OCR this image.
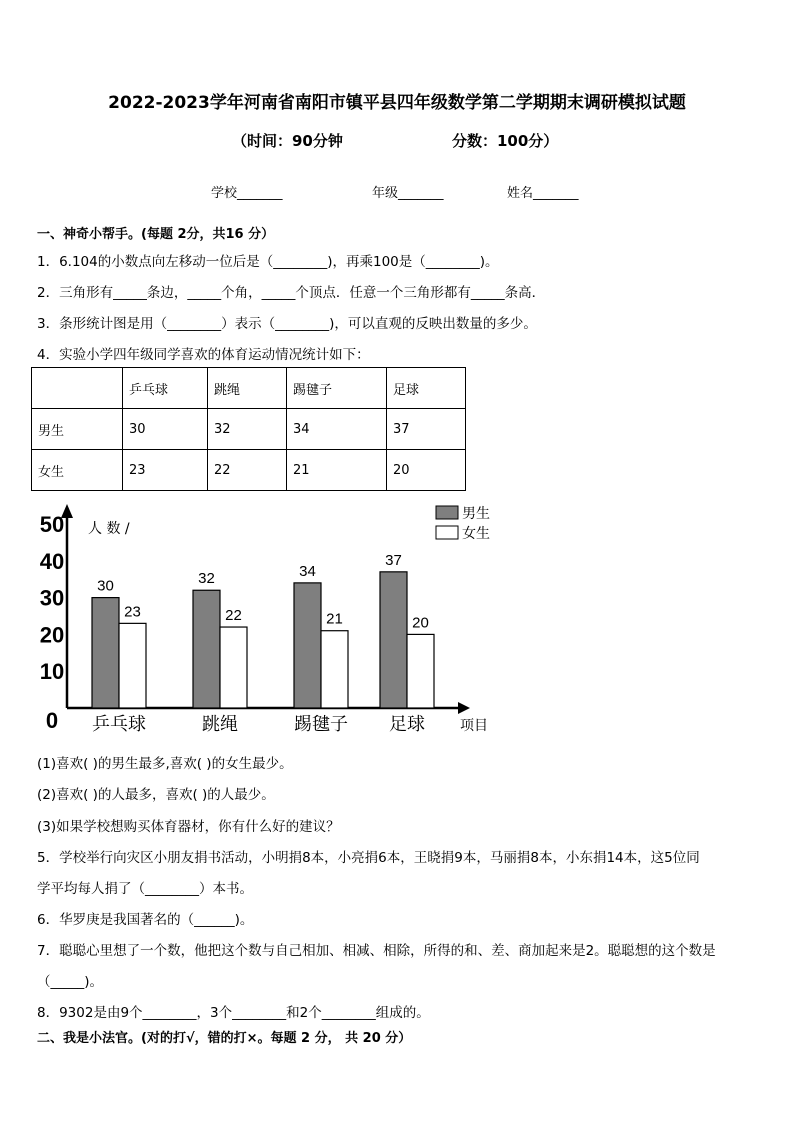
2022-2023学年河南省南阳市镇平县四年级数学第二学期期末调研模拟试题
（时间：90分钟	分数：100分）
学校_______	年级_______	姓名_______
一、神奇小帮手。(每题 2分，共16 分）
1．6.104的小数点向左移动一位后是（________)，再乘100是（________)。
2．三角形有_____条边，_____个角，_____个顶点．任意一个三角形都有_____条高．
3．条形统计图是用（________）表示（________)，可以直观的反映出数量的多少。
4．实验小学四年级同学喜欢的体育运动情况统计如下：
	乒乓球	跳绳	踢毽子	足球
男生	30	32	34	37
女生	23	22	21	20
0
10
20
30
40
50 人 数 /
项目
30
23
乒乓球
32
22
跳绳
34
21
踢毽子
37
20
足球
男生
女生
(1)喜欢( )的男生最多,喜欢( )的女生最少。
(2)喜欢( )的人最多，喜欢( )的人最少。
(3)如果学校想购买体育器材，你有什么好的建议？
5．学校举行向灾区小朋友捐书活动，小明捐8本，小亮捐6本，王晓捐9本，马丽捐8本，小东捐14本，这5位同
学平均每人捐了（________）本书。
6．华罗庚是我国著名的（______)。
7．聪聪心里想了一个数，他把这个数与自己相加、相减、相除，所得的和、差、商加起来是2。聪聪想的这个数是
（_____)。
8．9302是由9个________，3个________和2个________组成的。
二、我是小法官。(对的打√，错的打×。每题 2 分， 共 20 分）
